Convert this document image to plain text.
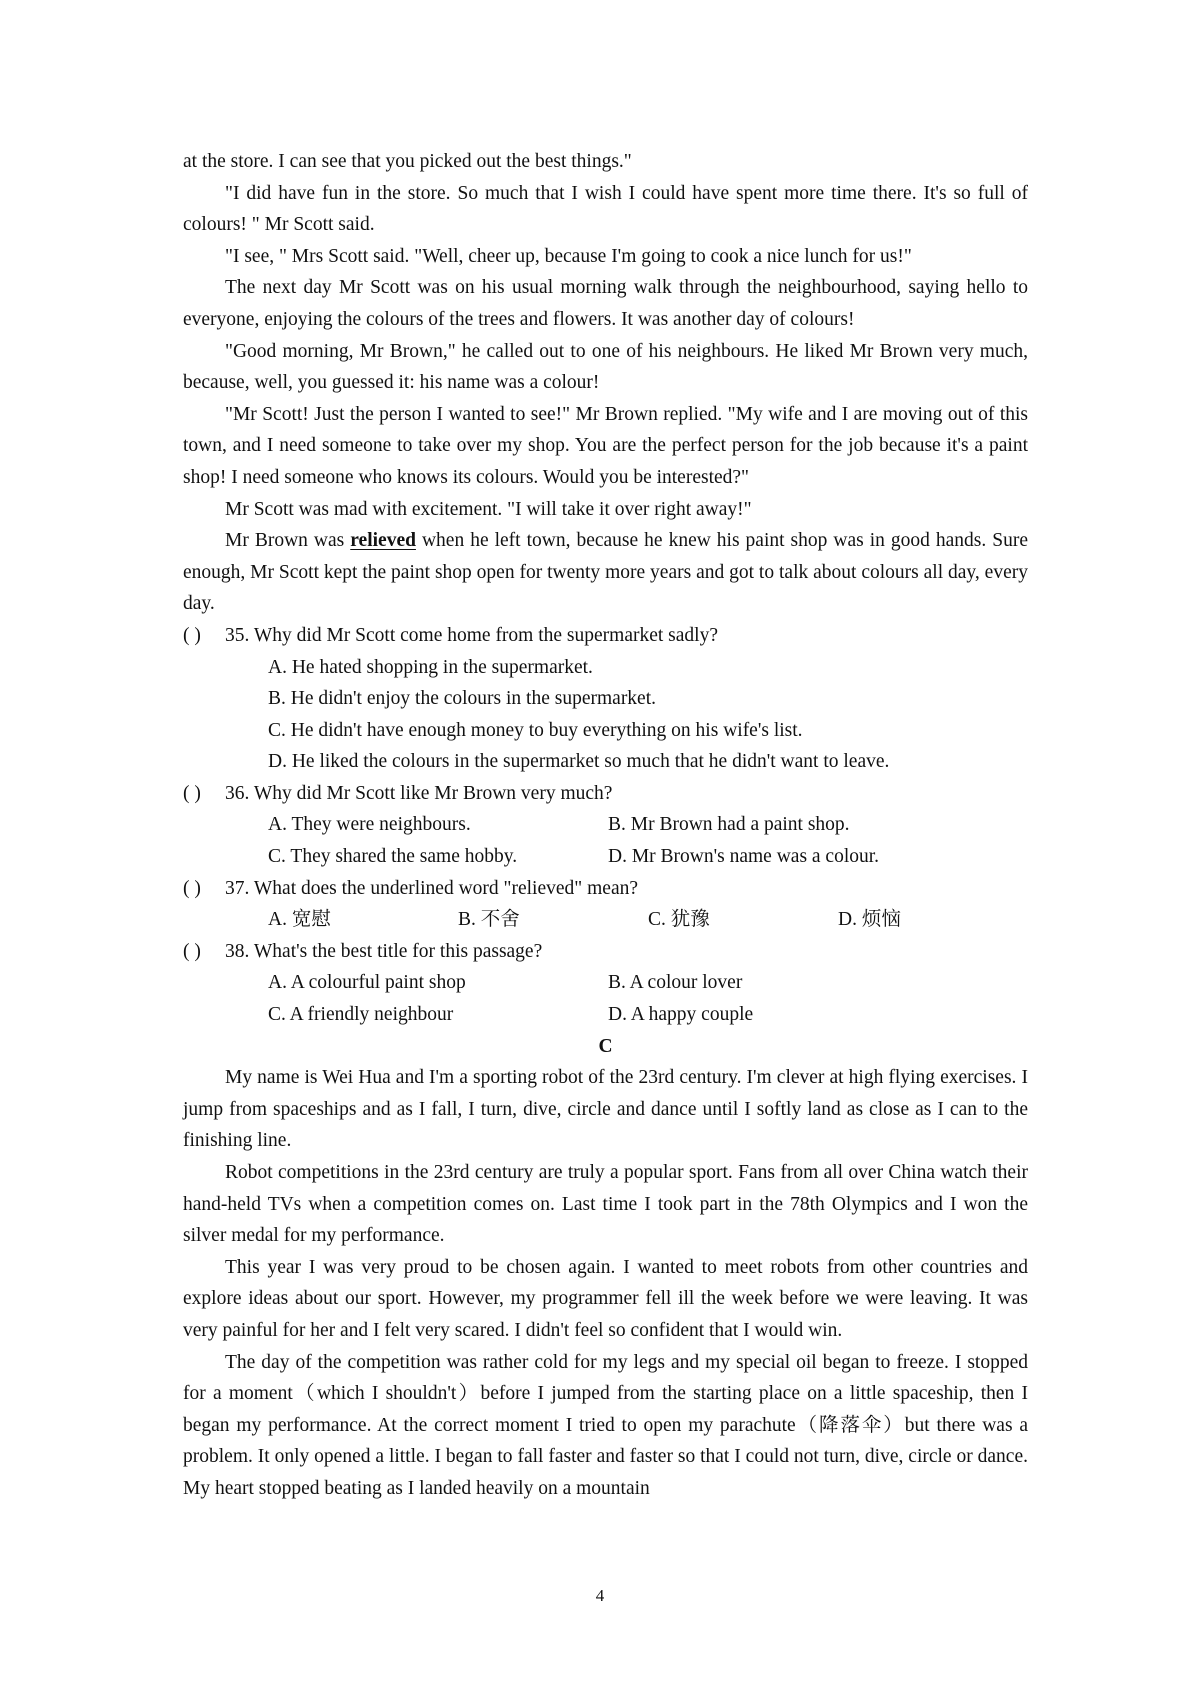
at the store. I can see that you picked out the best things."

"I did have fun in the store. So much that I wish I could have spent more time there. It's so full of colours! " Mr Scott said.

"I see, " Mrs Scott said. "Well, cheer up, because I'm going to cook a nice lunch for us!"

The next day Mr Scott was on his usual morning walk through the neighbourhood, saying hello to everyone, enjoying the colours of the trees and flowers. It was another day of colours!

"Good morning, Mr Brown," he called out to one of his neighbours. He liked Mr Brown very much, because, well, you guessed it: his name was a colour!

"Mr Scott! Just the person I wanted to see!" Mr Brown replied. "My wife and I are moving out of this town, and I need someone to take over my shop. You are the perfect person for the job because it's a paint shop! I need someone who knows its colours. Would you be interested?"

Mr Scott was mad with excitement. "I will take it over right away!"

Mr Brown was relieved when he left town, because he knew his paint shop was in good hands. Sure enough, Mr Scott kept the paint shop open for twenty more years and got to talk about colours all day, every day.

( )	35. Why did Mr Scott come home from the supermarket sadly?
A. He hated shopping in the supermarket.
B. He didn't enjoy the colours in the supermarket.
C. He didn't have enough money to buy everything on his wife's list.
D. He liked the colours in the supermarket so much that he didn't want to leave.
( )	36. Why did Mr Scott like Mr Brown very much?
A. They were neighbours.	B. Mr Brown had a paint shop.
C. They shared the same hobby.	D. Mr Brown's name was a colour.
( )	37. What does the underlined word "relieved" mean?
A. 宽慰	B. 不舍	C. 犹豫	D. 烦恼
( )	38. What's the best title for this passage?
A. A colourful paint shop	B. A colour lover
C. A friendly neighbour	D. A happy couple
C

My name is Wei Hua and I'm a sporting robot of the 23rd century. I'm clever at high flying exercises. I jump from spaceships and as I fall, I turn, dive, circle and dance until I softly land as close as I can to the finishing line.

Robot competitions in the 23rd century are truly a popular sport. Fans from all over China watch their hand-held TVs when a competition comes on. Last time I took part in the 78th Olympics and I won the silver medal for my performance.

This year I was very proud to be chosen again. I wanted to meet robots from other countries and explore ideas about our sport. However, my programmer fell ill the week before we were leaving. It was very painful for her and I felt very scared. I didn't feel so confident that I would win.

The day of the competition was rather cold for my legs and my special oil began to freeze. I stopped for a moment（which I shouldn't）before I jumped from the starting place on a little spaceship, then I began my performance. At the correct moment I tried to open my parachute（降落伞）but there was a problem. It only opened a little. I began to fall faster and faster so that I could not turn, dive, circle or dance. My heart stopped beating as I landed heavily on a mountain

4
